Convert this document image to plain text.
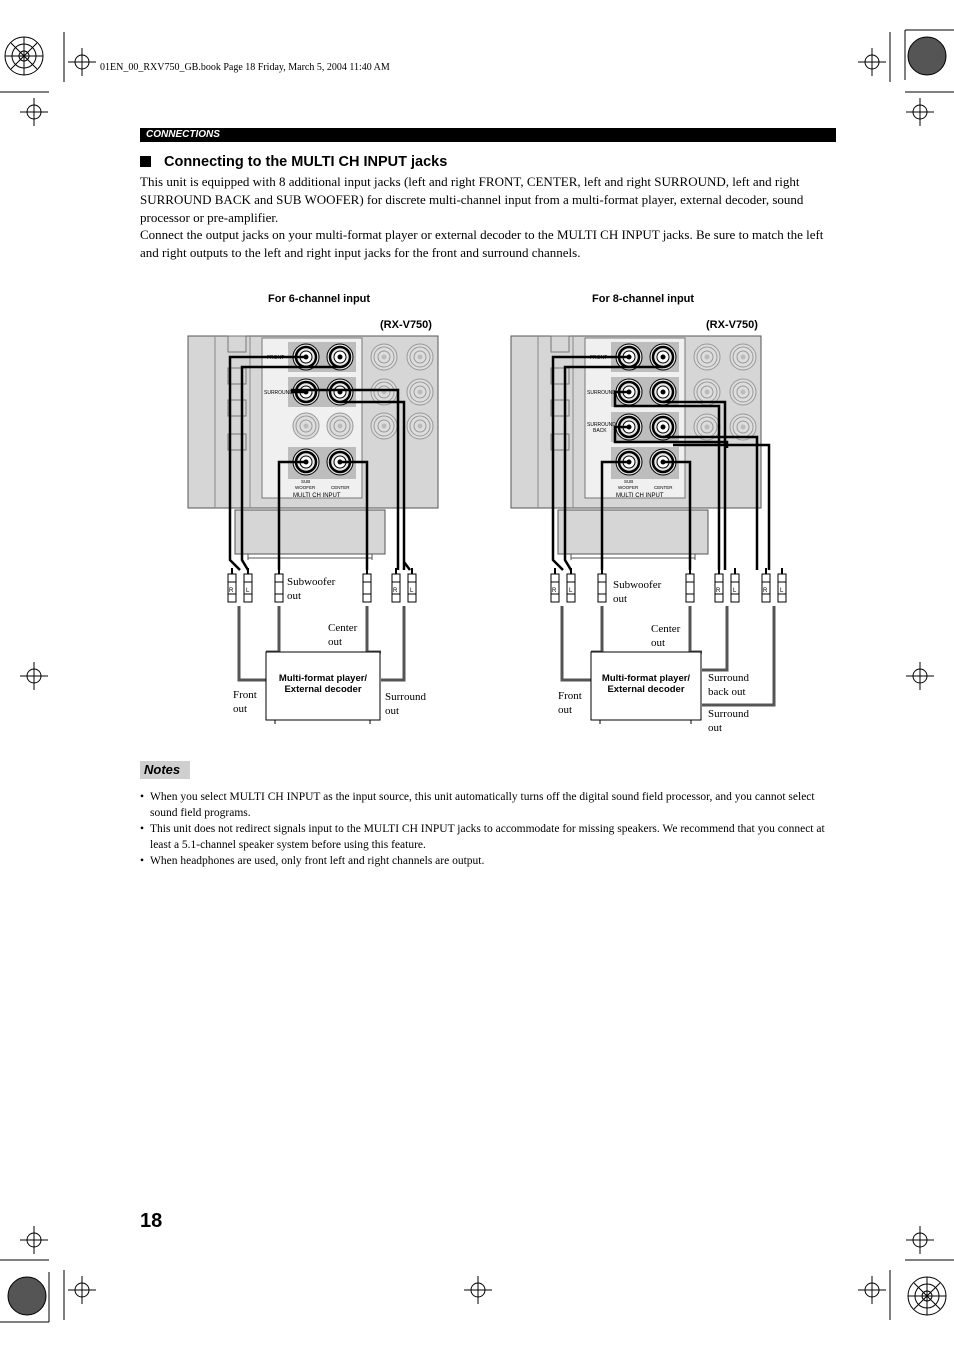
01EN_00_RXV750_GB.book Page 18 Friday, March 5, 2004 11:40 AM
CONNECTIONS
Connecting to the MULTI CH INPUT jacks
This unit is equipped with 8 additional input jacks (left and right FRONT, CENTER, left and right SURROUND, left and right SURROUND BACK and SUB WOOFER) for discrete multi-channel input from a multi-format player, external decoder, sound processor or pre-amplifier.
Connect the output jacks on your multi-format player or external decoder to the MULTI CH INPUT jacks. Be sure to match the left and right outputs to the left and right input jacks for the front and surround channels.
For 6-channel input
(RX-V750)
For 8-channel input
(RX-V750)
FRONT
SURROUND
SUB
WOOFER	CENTER
MULTI CH INPUT
R L	R L
Multi-format player/
External decoder
Subwoofer
out
Center
out
Front
out
Surround
out
FRONT
SURROUND
SURROUND
BACK
SUB
WOOFER	CENTER
MULTI CH INPUT
R L	R L	R L
Multi-format player/
External decoder
Subwoofer
out
Center
out
Front
out
Surround
back out
Surround
out
Notes
• When you select MULTI CH INPUT as the input source, this unit automatically turns off the digital sound field processor, and you cannot select sound field programs.
• This unit does not redirect signals input to the MULTI CH INPUT jacks to accommodate for missing speakers. We recommend that you connect at least a 5.1-channel speaker system before using this feature.
• When headphones are used, only front left and right channels are output.
18
